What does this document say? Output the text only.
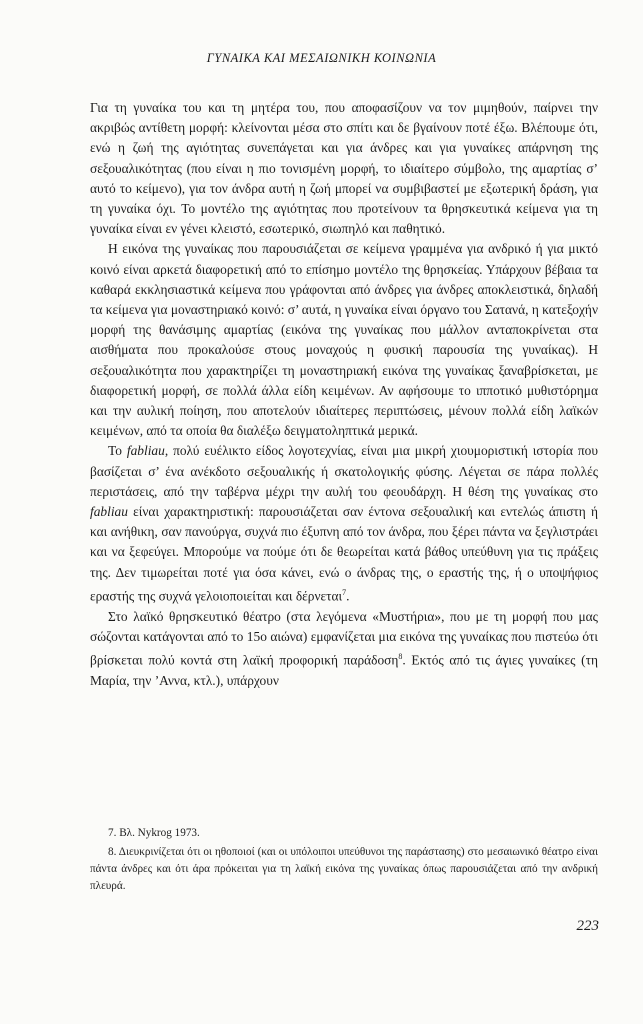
ΓΥΝΑΙΚΑ ΚΑΙ ΜΕΣΑΙΩΝΙΚΗ ΚΟΙΝΩΝΙΑ

Για τη γυναίκα του και τη μητέρα του, που αποφασίζουν να τον μιμηθούν, παίρνει την ακριβώς αντίθετη μορφή: κλείνονται μέσα στο σπίτι και δε βγαίνουν ποτέ έξω. Βλέπουμε ότι, ενώ η ζωή της αγιότητας συνεπάγεται και για άνδρες και για γυναίκες απάρνηση της σεξουαλικότητας (που είναι η πιο τονισμένη μορφή, το ιδιαίτερο σύμβολο, της αμαρτίας σ’ αυτό το κείμενο), για τον άνδρα αυτή η ζωή μπορεί να συμβιβαστεί με εξωτερική δράση, για τη γυναίκα όχι. Το μοντέλο της αγιότητας που προτείνουν τα θρησκευτικά κείμενα για τη γυναίκα είναι εν γένει κλειστό, εσωτερικό, σιωπηλό και παθητικό.

Η εικόνα της γυναίκας που παρουσιάζεται σε κείμενα γραμμένα για ανδρικό ή για μικτό κοινό είναι αρκετά διαφορετική από το επίσημο μοντέλο της θρησκείας. Υπάρχουν βέβαια τα καθαρά εκκλησιαστικά κείμενα που γράφονται από άνδρες για άνδρες αποκλειστικά, δηλαδή τα κείμενα για μοναστηριακό κοινό: σ’ αυτά, η γυναίκα είναι όργανο του Σατανά, η κατεξοχήν μορφή της θανάσιμης αμαρτίας (εικόνα της γυναίκας που μάλλον ανταποκρίνεται στα αισθήματα που προκαλούσε στους μοναχούς η φυσική παρουσία της γυναίκας). Η σεξουαλικότητα που χαρακτηρίζει τη μοναστηριακή εικόνα της γυναίκας ξαναβρίσκεται, με διαφορετική μορφή, σε πολλά άλλα είδη κειμένων. Αν αφήσουμε το ιπποτικό μυθιστόρημα και την αυλική ποίηση, που αποτελούν ιδιαίτερες περιπτώσεις, μένουν πολλά είδη λαϊκών κειμένων, από τα οποία θα διαλέξω δειγματοληπτικά μερικά.

Το fabliau, πολύ ευέλικτο είδος λογοτεχνίας, είναι μια μικρή χιουμοριστική ιστορία που βασίζεται σ’ ένα ανέκδοτο σεξουαλικής ή σκατολογικής φύσης. Λέγεται σε πάρα πολλές περιστάσεις, από την ταβέρνα μέχρι την αυλή του φεουδάρχη. Η θέση της γυναίκας στο fabliau είναι χαρακτηριστική: παρουσιάζεται σαν έντονα σεξουαλική και εντελώς άπιστη ή και ανήθικη, σαν πανούργα, συχνά πιο έξυπνη από τον άνδρα, που ξέρει πάντα να ξεγλιστράει και να ξεφεύγει. Μπορούμε να πούμε ότι δε θεωρείται κατά βάθος υπεύθυνη για τις πράξεις της. Δεν τιμωρείται ποτέ για όσα κάνει, ενώ ο άνδρας της, ο εραστής της, ή ο υποψήφιος εραστής της συχνά γελοιοποιείται και δέρνεται$^7$.

Στο λαϊκό θρησκευτικό θέατρο (στα λεγόμενα «Μυστήρια», που με τη μορφή που μας σώζονται κατάγονται από το 15ο αιώνα) εμφανίζεται μια εικόνα της γυναίκας που πιστεύω ότι βρίσκεται πολύ κοντά στη λαϊκή προφορική παράδοση$^8$. Εκτός από τις άγιες γυναίκες (τη Μαρία, την ’Αννα, κτλ.), υπάρχουν

7. Βλ. Nykrog 1973.

8. Διευκρινίζεται ότι οι ηθοποιοί (και οι υπόλοιποι υπεύθυνοι της παράστασης) στο μεσαιωνικό θέατρο είναι πάντα άνδρες και ότι άρα πρόκειται για τη λαϊκή εικόνα της γυναίκας όπως παρουσιάζεται από την ανδρική πλευρά.

223
